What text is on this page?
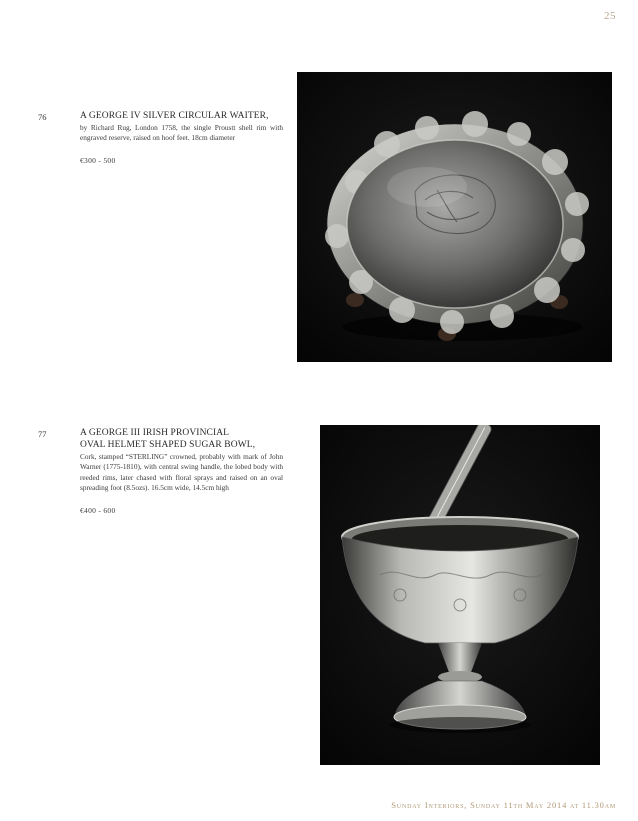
25
76	A GEORGE IV SILVER CIRCULAR WAITER,
by Richard Rug, London 1758, the single Proustt shell rim with engraved reserve, raised on hoof feet. 18cm diameter
€300 - 500
77	A GEORGE III IRISH PROVINCIAL
OVAL HELMET SHAPED SUGAR BOWL,
Cork, stamped “STERLING” crowned, probably with mark of John Warner (1775-1810), with central swing handle, the lobed body with reeded rims, later chased with floral sprays and raised on an oval spreading foot (8.5ozs). 16.5cm wide, 14.5cm high
€400 - 600
Sunday Interiors, Sunday 11th May 2014 at 11.30am
